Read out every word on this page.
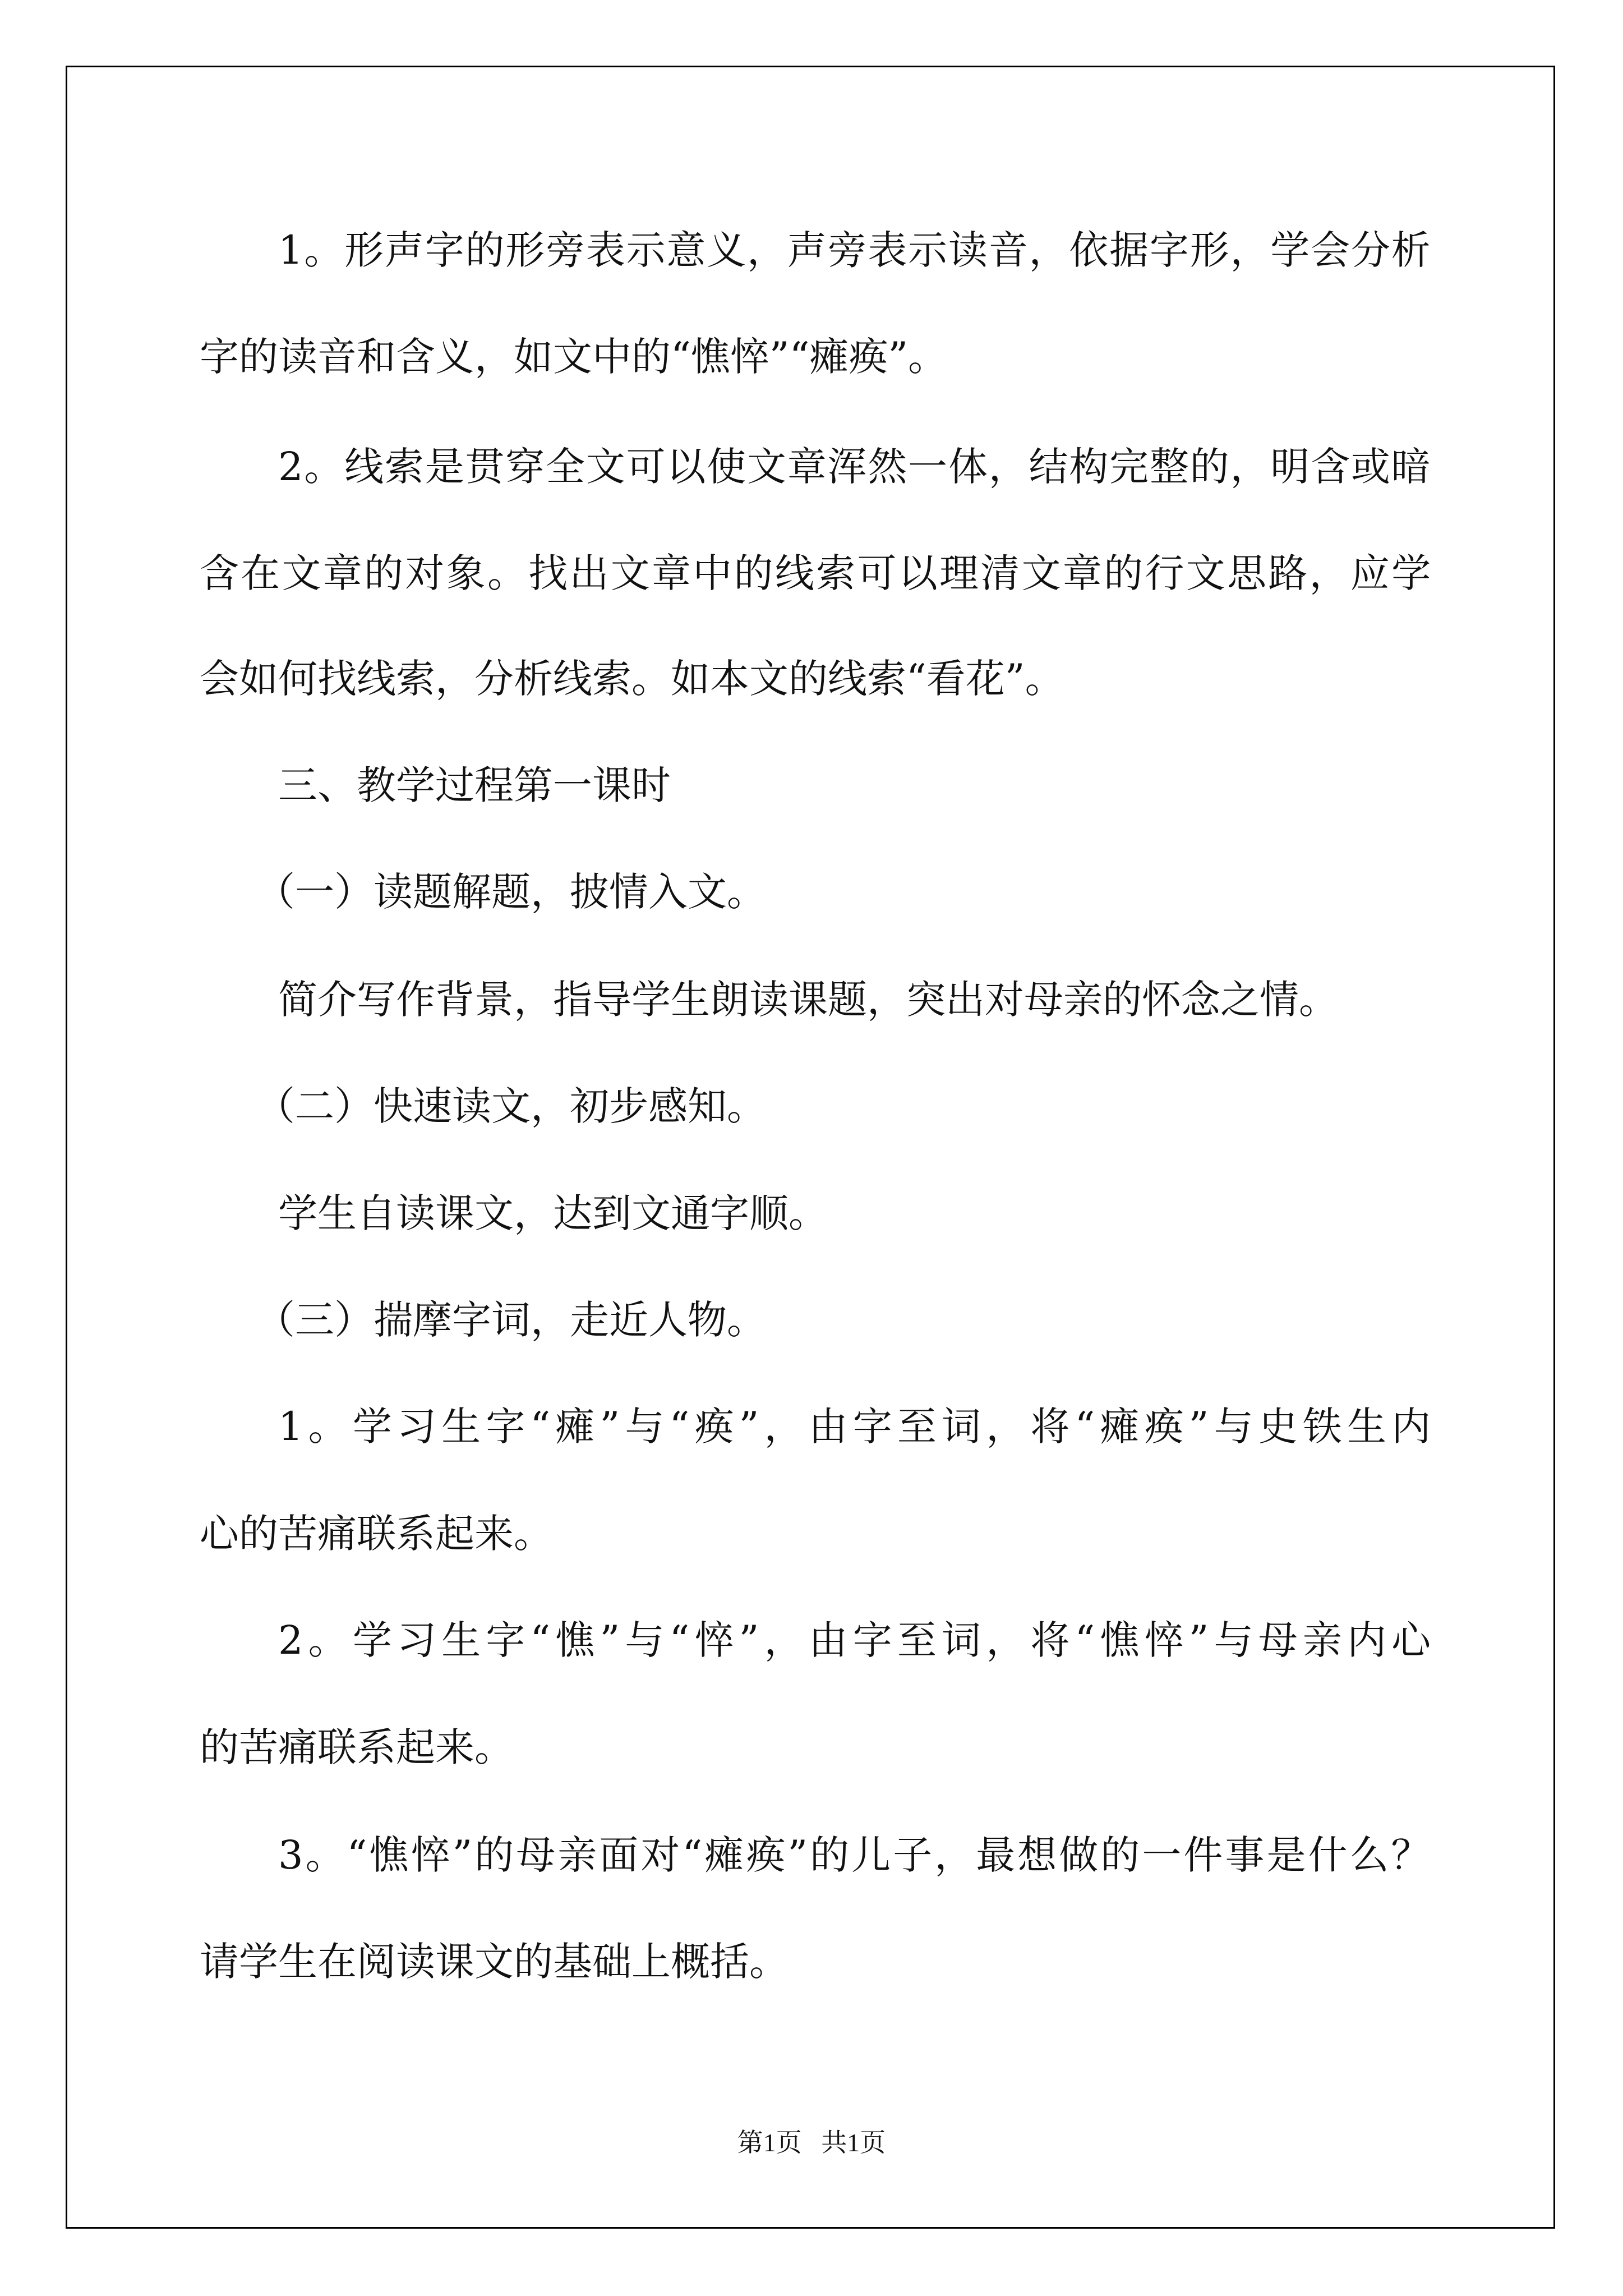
1。形声字的形旁表示意义，声旁表示读音，依据字形，学会分析
字的读音和含义，如文中的“憔悴”“瘫痪”。
2。线索是贯穿全文可以使文章浑然一体，结构完整的，明含或暗
含在文章的对象。找出文章中的线索可以理清文章的行文思路，应学
会如何找线索，分析线索。如本文的线索“看花”。
三、教学过程第一课时
（一）读题解题，披情入文。
简介写作背景，指导学生朗读课题，突出对母亲的怀念之情。
（二）快速读文，初步感知。
学生自读课文，达到文通字顺。
（三）揣摩字词，走近人物。
1。学习生字“瘫”与“痪”，由字至词，将“瘫痪”与史铁生内
心的苦痛联系起来。
2。学习生字“憔”与“悴”，由字至词，将“憔悴”与母亲内心
的苦痛联系起来。
3。“憔悴”的母亲面对“瘫痪”的儿子，最想做的一件事是什么？
请学生在阅读课文的基础上概括。
第1页   共1页
